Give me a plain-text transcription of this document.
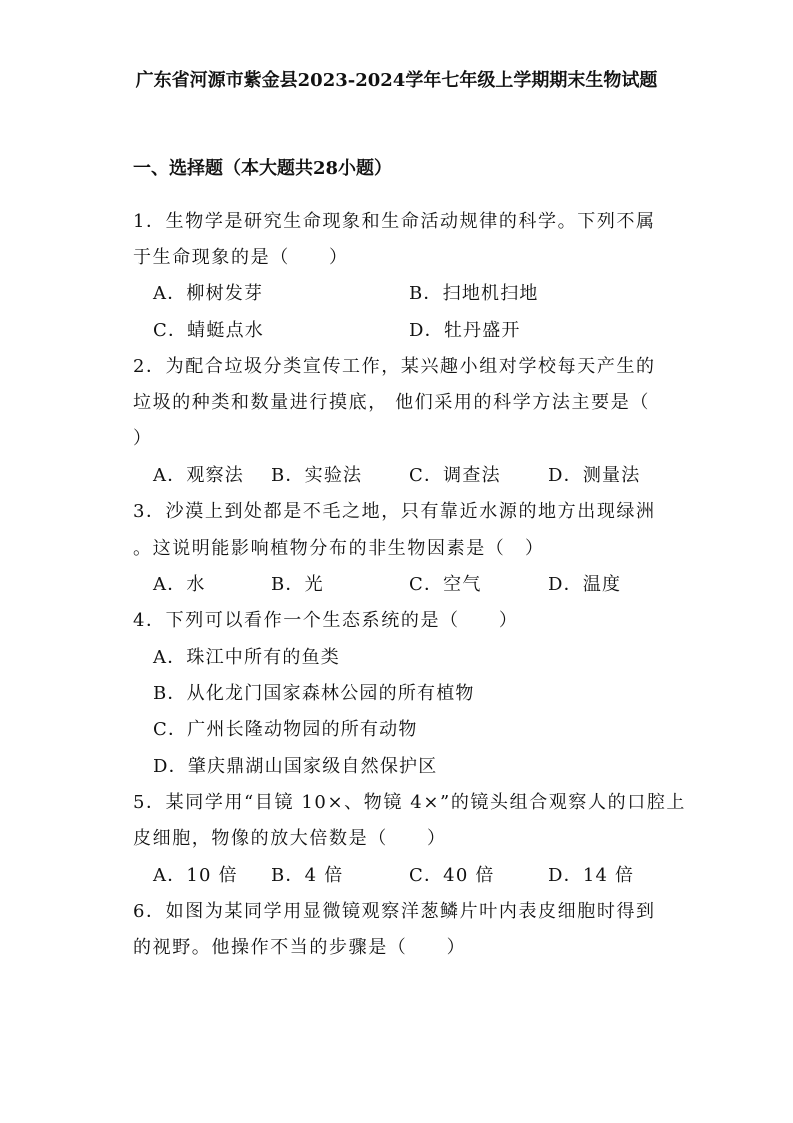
广东省河源市紫金县2023-2024学年七年级上学期期末生物试题
一、选择题（本大题共28小题）
1．生物学是研究生命现象和生命活动规律的科学。下列不属
于生命现象的是（　　）
A．柳树发芽	B．扫地机扫地
C．蜻蜓点水	D．牡丹盛开
2．为配合垃圾分类宣传工作，某兴趣小组对学校每天产生的
垃圾的种类和数量进行摸底， 他们采用的科学方法主要是（
）
A．观察法 B．实验法	C．调查法	D．测量法
3．沙漠上到处都是不毛之地，只有靠近水源的地方出现绿洲
。这说明能影响植物分布的非生物因素是（　）
A．水	B．光	C．空气	D．温度
4．下列可以看作一个生态系统的是（　　）
A．珠江中所有的鱼类
B．从化龙门国家森林公园的所有植物
C．广州长隆动物园的所有动物
D．肇庆鼎湖山国家级自然保护区
5．某同学用“目镜 10×、物镜 4×”的镜头组合观察人的口腔上
皮细胞，物像的放大倍数是（　　）
A．10 倍 B．4 倍	C．40 倍	D．14 倍
6．如图为某同学用显微镜观察洋葱鳞片叶内表皮细胞时得到
的视野。他操作不当的步骤是（　　）
